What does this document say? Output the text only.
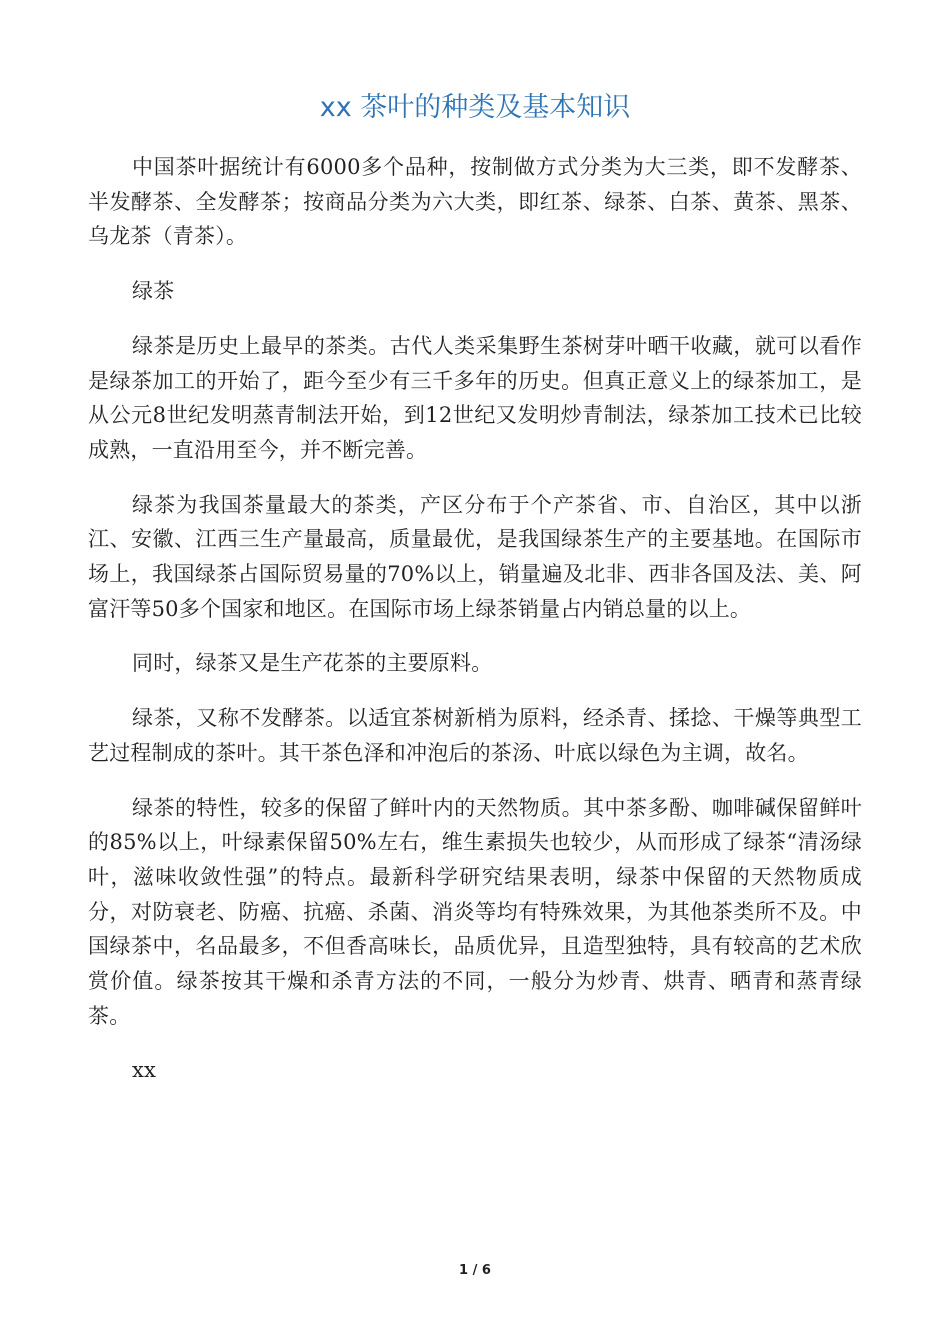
xx 茶叶的种类及基本知识

中国茶叶据统计有6000多个品种，按制做方式分类为大三类，即不发酵茶、半发酵茶、全发酵茶；按商品分类为六大类，即红茶、绿茶、白茶、黄茶、黑茶、乌龙茶（青茶）。

绿茶

绿茶是历史上最早的茶类。古代人类采集野生茶树芽叶晒干收藏，就可以看作是绿茶加工的开始了，距今至少有三千多年的历史。但真正意义上的绿茶加工，是从公元8世纪发明蒸青制法开始，到12世纪又发明炒青制法，绿茶加工技术已比较成熟，一直沿用至今，并不断完善。

绿茶为我国茶量最大的茶类，产区分布于个产茶省、市、自治区，其中以浙江、安徽、江西三生产量最高，质量最优，是我国绿茶生产的主要基地。在国际市场上，我国绿茶占国际贸易量的70%以上，销量遍及北非、西非各国及法、美、阿富汗等50多个国家和地区。在国际市场上绿茶销量占内销总量的以上。

同时，绿茶又是生产花茶的主要原料。

绿茶，又称不发酵茶。以适宜茶树新梢为原料，经杀青、揉捻、干燥等典型工艺过程制成的茶叶。其干茶色泽和冲泡后的茶汤、叶底以绿色为主调，故名。

绿茶的特性，较多的保留了鲜叶内的天然物质。其中茶多酚、咖啡碱保留鲜叶的85%以上，叶绿素保留50%左右，维生素损失也较少，从而形成了绿茶“清汤绿叶，滋味收敛性强”的特点。最新科学研究结果表明，绿茶中保留的天然物质成分，对防衰老、防癌、抗癌、杀菌、消炎等均有特殊效果，为其他茶类所不及。中国绿茶中，名品最多，不但香高味长，品质优异，且造型独特，具有较高的艺术欣赏价值。绿茶按其干燥和杀青方法的不同，一般分为炒青、烘青、晒青和蒸青绿茶。

xx

1 / 6
